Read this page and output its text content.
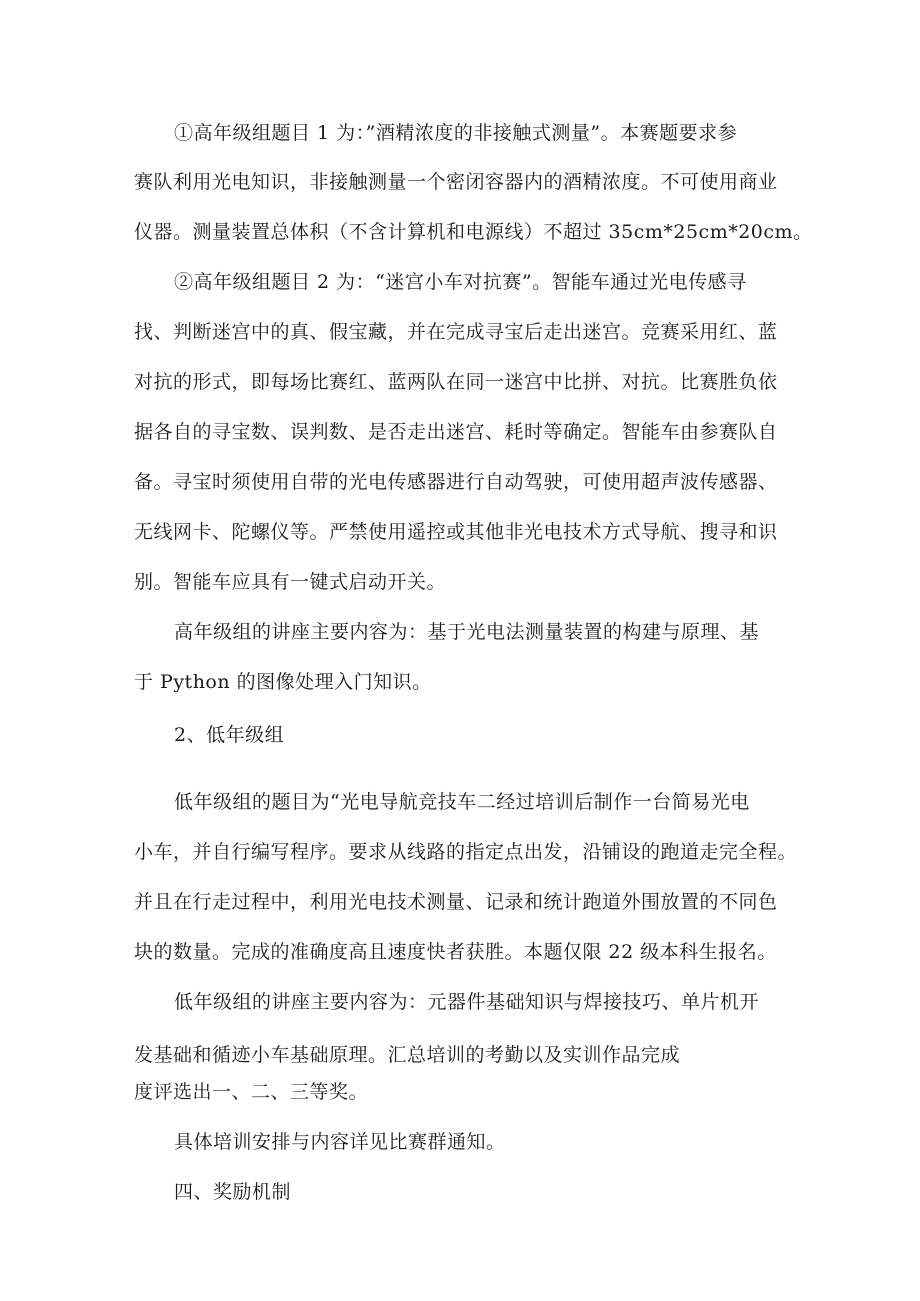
①高年级组题目 1 为：”酒精浓度的非接触式测量”。本赛题要求参
赛队利用光电知识，非接触测量一个密闭容器内的酒精浓度。不可使用商业
仪器。测量装置总体积（不含计算机和电源线）不超过 35cm*25cm*20cm。
②高年级组题目 2 为：“迷宫小车对抗赛”。智能车通过光电传感寻
找、判断迷宫中的真、假宝藏，并在完成寻宝后走出迷宫。竞赛采用红、蓝
对抗的形式，即每场比赛红、蓝两队在同一迷宫中比拼、对抗。比赛胜负依
据各自的寻宝数、误判数、是否走出迷宫、耗时等确定。智能车由参赛队自
备。寻宝时须使用自带的光电传感器进行自动驾驶，可使用超声波传感器、
无线网卡、陀螺仪等。严禁使用遥控或其他非光电技术方式导航、搜寻和识
别。智能车应具有一键式启动开关。
高年级组的讲座主要内容为：基于光电法测量装置的构建与原理、基
于 Python 的图像处理入门知识。
2、低年级组
低年级组的题目为“光电导航竞技车二经过培训后制作一台简易光电
小车，并自行编写程序。要求从线路的指定点出发，沿铺设的跑道走完全程。
并且在行走过程中，利用光电技术测量、记录和统计跑道外围放置的不同色
块的数量。完成的准确度高且速度快者获胜。本题仅限 22 级本科生报名。
低年级组的讲座主要内容为：元器件基础知识与焊接技巧、单片机开
发基础和循迹小车基础原理。汇总培训的考勤以及实训作品完成
度评选出一、二、三等奖。
具体培训安排与内容详见比赛群通知。
四、奖励机制
